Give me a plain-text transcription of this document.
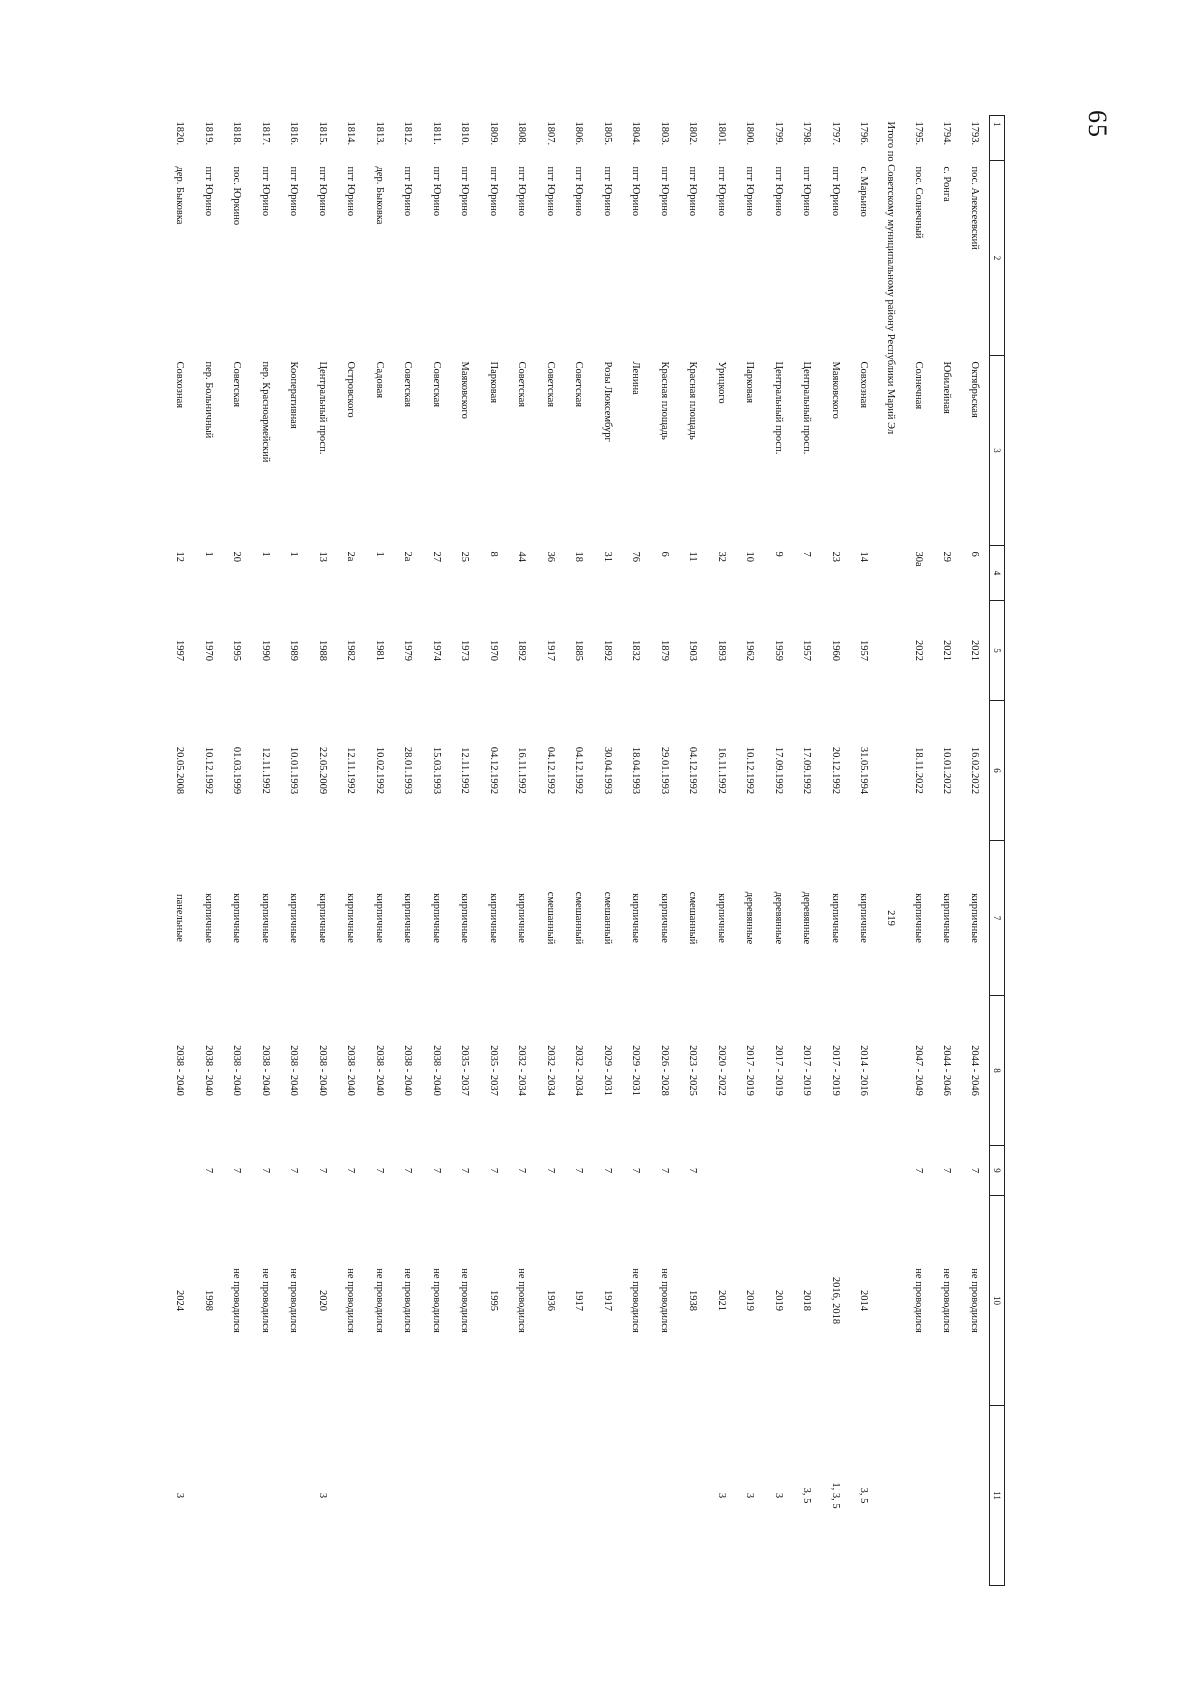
65
1	2	3	4	5	6	7	8	9	10	11
1793.	пос. Алексеевский	Октябрьская	6	2021	16.02.2022	кирпичные	2044 - 2046	7	не проводился	
1794.	с. Ронга	Юбилейная	29	2021	10.01.2022	кирпичные	2044 - 2046	7	не проводился	
1795.	пос. Солнечный	Солнечная	30а	2022	18.11.2022	кирпичные	2047 - 2049	7	не проводился	
Итого по Советскому муниципальному району Республики Марий Эл						219				
1796.	с. Марьино	Совхозная	14	1957	31.05.1994	кирпичные	2014 - 2016		2014	3, 5
1797.	пгт Юрино	Маяковского	23	1960	20.12.1992	кирпичные	2017 - 2019		2016, 2018	1, 3, 5
1798.	пгт Юрино	Центральный просп.	7	1957	17.09.1992	деревянные	2017 - 2019		2018	3, 5
1799.	пгт Юрино	Центральный просп.	9	1959	17.09.1992	деревянные	2017 - 2019		2019	3
1800.	пгт Юрино	Парковая	10	1962	10.12.1992	деревянные	2017 - 2019		2019	3
1801.	пгт Юрино	Урицкого	32	1893	16.11.1992	кирпичные	2020 - 2022		2021	3
1802.	пгт Юрино	Красная площадь	11	1903	04.12.1992	смешанный	2023 - 2025	7	1938	
1803.	пгт Юрино	Красная площадь	6	1879	29.01.1993	кирпичные	2026 - 2028	7	не проводился	
1804.	пгт Юрино	Ленина	76	1832	18.04.1993	кирпичные	2029 - 2031	7	не проводился	
1805.	пгт Юрино	Розы Люксембург	31	1892	30.04.1993	смешанный	2029 - 2031	7	1917	
1806.	пгт Юрино	Советская	18	1885	04.12.1992	смешанный	2032 - 2034	7	1917	
1807.	пгт Юрино	Советская	36	1917	04.12.1992	смешанный	2032 - 2034	7	1936	
1808.	пгт Юрино	Советская	44	1892	16.11.1992	кирпичные	2032 - 2034	7	не проводился	
1809.	пгт Юрино	Парковая	8	1970	04.12.1992	кирпичные	2035 - 2037	7	1995	
1810.	пгт Юрино	Маяковского	25	1973	12.11.1992	кирпичные	2035 - 2037	7	не проводился	
1811.	пгт Юрино	Советская	27	1974	15.03.1993	кирпичные	2038 - 2040	7	не проводился	
1812.	пгт Юрино	Советская	2а	1979	28.01.1993	кирпичные	2038 - 2040	7	не проводился	
1813.	дер. Быковка	Садовая	1	1981	10.02.1992	кирпичные	2038 - 2040	7	не проводился	
1814.	пгт Юрино	Островского	2а	1982	12.11.1992	кирпичные	2038 - 2040	7	не проводился	
1815.	пгт Юрино	Центральный просп.	13	1988	22.05.2009	кирпичные	2038 - 2040	7	2020	3
1816.	пгт Юрино	Кооперативная	1	1989	10.01.1993	кирпичные	2038 - 2040	7	не проводился	
1817.	пгт Юрино	пер. Красноармейский	1	1990	12.11.1992	кирпичные	2038 - 2040	7	не проводился	
1818.	пос. Юркино	Советская	20	1995	01.03.1999	кирпичные	2038 - 2040	7	не проводился	
1819.	пгт Юрино	пер. Больничный	1	1970	10.12.1992	кирпичные	2038 - 2040	7	1998	
1820.	дер. Быковка	Совхозная	12	1997	20.05.2008	панельные	2038 - 2040		2024	3
